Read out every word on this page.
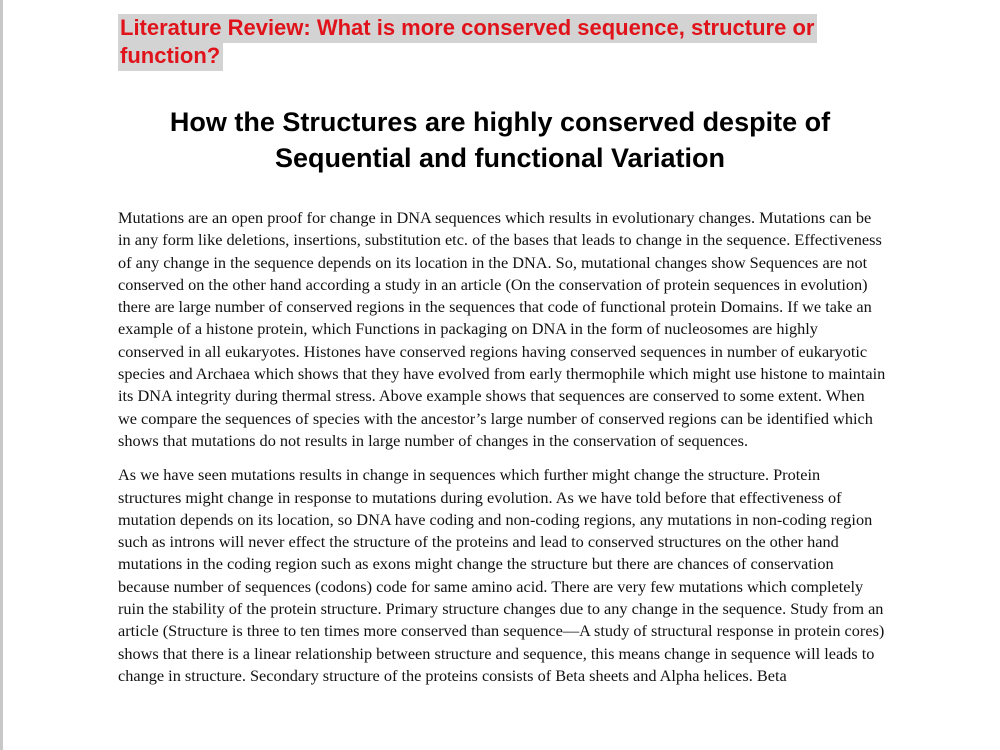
Literature Review: What is more conserved sequence, structure or function?
How the Structures are highly conserved despite of Sequential and functional Variation

Mutations are an open proof for change in DNA sequences which results in evolutionary changes. Mutations can be in any form like deletions, insertions, substitution etc. of the bases that leads to change in the sequence. Effectiveness of any change in the sequence depends on its location in the DNA. So, mutational changes show Sequences are not conserved on the other hand according a study in an article (On the conservation of protein sequences in evolution) there are large number of conserved regions in the sequences that code of functional protein Domains. If we take an example of a histone protein, which Functions in packaging on DNA in the form of nucleosomes are highly conserved in all eukaryotes. Histones have conserved regions having conserved sequences in number of eukaryotic species and Archaea which shows that they have evolved from early thermophile which might use histone to maintain its DNA integrity during thermal stress. Above example shows that sequences are conserved to some extent. When we compare the sequences of species with the ancestor’s large number of conserved regions can be identified which shows that mutations do not results in large number of changes in the conservation of sequences.

As we have seen mutations results in change in sequences which further might change the structure. Protein structures might change in response to mutations during evolution. As we have told before that effectiveness of mutation depends on its location, so DNA have coding and non-coding regions, any mutations in non-coding region such as introns will never effect the structure of the proteins and lead to conserved structures on the other hand mutations in the coding region such as exons might change the structure but there are chances of conservation because number of sequences (codons) code for same amino acid. There are very few mutations which completely ruin the stability of the protein structure. Primary structure changes due to any change in the sequence. Study from an article (Structure is three to ten times more conserved than sequence—A study of structural response in protein cores) shows that there is a linear relationship between structure and sequence, this means change in sequence will leads to change in structure. Secondary structure of the proteins consists of Beta sheets and Alpha helices. Beta
